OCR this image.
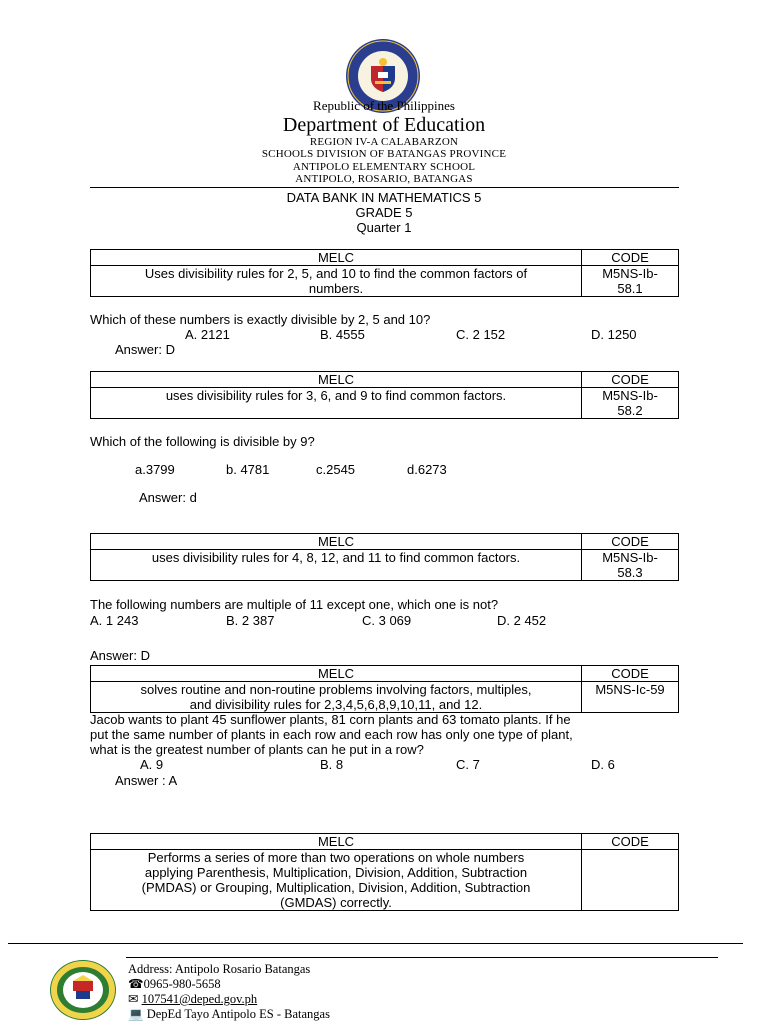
Republic of the Philippines
Department of Education
REGION IV-A CALABARZON
SCHOOLS DIVISION OF BATANGAS PROVINCE
ANTIPOLO ELEMENTARY SCHOOL
ANTIPOLO, ROSARIO, BATANGAS
DATA BANK IN MATHEMATICS 5
GRADE 5
Quarter 1
MELC	CODE
Uses divisibility rules for 2, 5, and 10 to find the common factors of
numbers.	M5NS-Ib-
58.1
Which of these numbers is exactly divisible by 2, 5 and 10?
A. 2121	B. 4555	C. 2 152	D. 1250
Answer: D
MELC	CODE
uses divisibility rules for 3, 6, and 9 to find common factors.	M5NS-Ib-
58.2
Which of the following is divisible by 9?
a.3799	b. 4781	c.2545	d.6273
Answer: d
MELC	CODE
uses divisibility rules for 4, 8, 12, and 11 to find common factors.	M5NS-Ib-
58.3
The following numbers are multiple of 11 except one, which one is not?
A. 1 243	B. 2 387	C. 3 069	D. 2 452
Answer: D
MELC	CODE
solves routine and non-routine problems involving factors, multiples,
and divisibility rules for 2,3,4,5,6,8,9,10,11, and 12.	M5NS-Ic-59
Jacob wants to plant 45 sunflower plants, 81 corn plants and 63 tomato plants. If he
put the same number of plants in each row and each row has only one type of plant,
what is the greatest number of plants can he put in a row?
A. 9	B. 8	C. 7	D. 6
Answer : A
MELC	CODE
Performs a series of more than two operations on whole numbers
applying Parenthesis, Multiplication, Division, Addition, Subtraction
(PMDAS) or Grouping, Multiplication, Division, Addition, Subtraction
(GMDAS) correctly.	
Address: Antipolo Rosario Batangas
☎0965-980-5658
✉ 107541@deped.gov.ph
💻 DepEd Tayo Antipolo ES - Batangas
